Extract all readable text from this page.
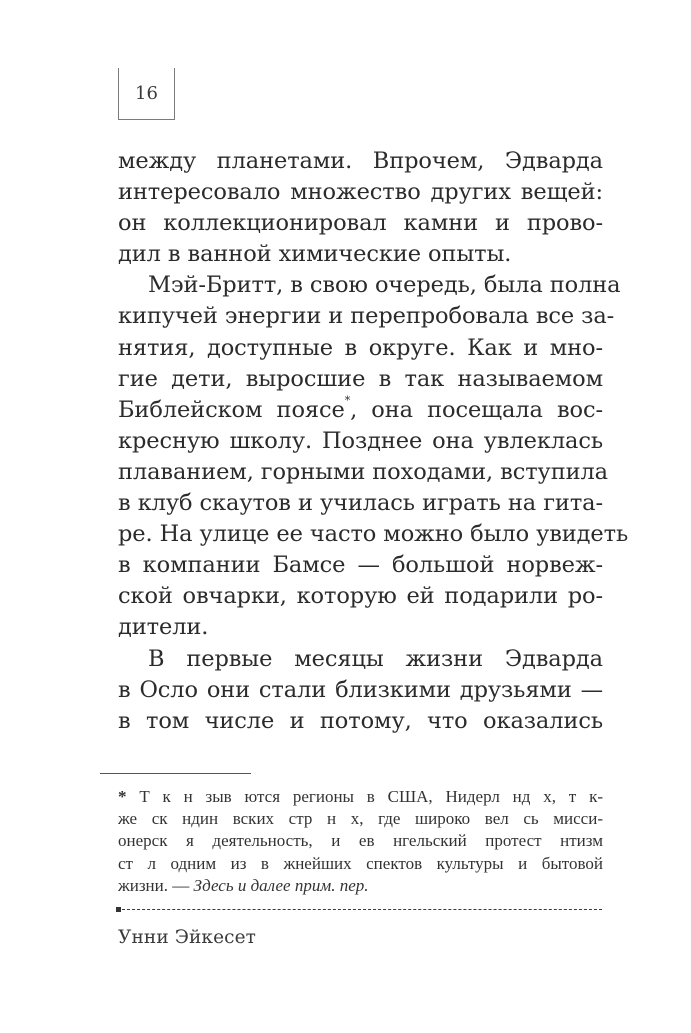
16
между планетами. Впрочем, Эдварда
интересовало множество других вещей:
он коллекционировал камни и прово-
дил в ванной химические опыты.
Мэй-Бритт, в свою очередь, была полна
кипучей энергии и перепробовала все за-
нятия, доступные в округе. Как и мно-
гие дети, выросшие в так называемом
Библейском поясе*, она посещала вос-
кресную школу. Позднее она увлеклась
плаванием, горными походами, вступила
в клуб скаутов и училась играть на гита-
ре. На улице ее часто можно было увидеть
в компании Бамсе — большой норвеж-
ской овчарки, которую ей подарили ро-
дители.
В первые месяцы жизни Эдварда
в Осло они стали близкими друзьями —
в том числе и потому, что оказались
* Т к н зыв ются регионы в США, Нидерл нд х, т к-
же ск ндин вских стр н х, где широко вел сь мисси-
онерск я деятельность, и ев нгельский протест нтизм
ст л одним из в жнейших спектов культуры и бытовой
жизни. — Здесь и далее прим. пер.
Унни Эйкесет
